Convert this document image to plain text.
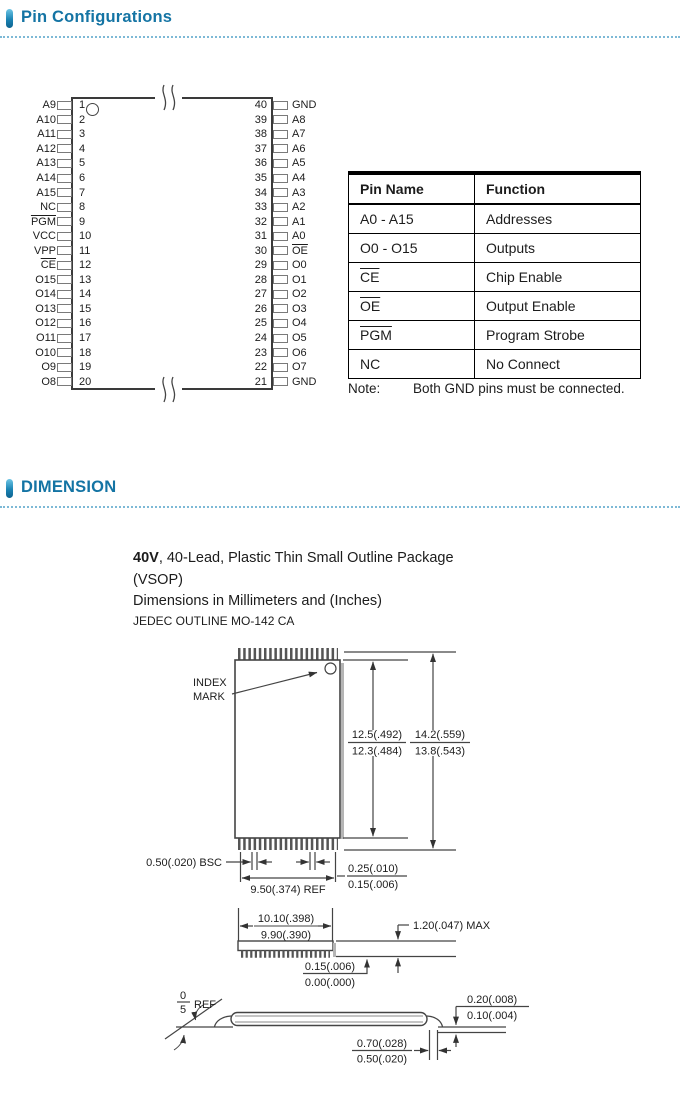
Pin Configurations
A9 1
A10 2
A11 3
A12 4
A13 5
A14 6
A15 7
NC 8
$\overline{PGM}$ 9
VCC 10
VPP 11
$\overline{CE}$ 12
O15 13
O14 14
O13 15
O12 16
O11 17
O10 18
O9 19
O8 20
40 GND
39 A8
38 A7
37 A6
36 A5
35 A4
34 A3
33 A2
32 A1
31 A0
30 $\overline{OE}$
29 O0
28 O1
27 O2
26 O3
25 O4
24 O5
23 O6
22 O7
21 GND
Pin Name	Function
A0 - A15	Addresses
O0 - O15	Outputs
$\overline{CE}$	Chip Enable
$\overline{OE}$	Output Enable
$\overline{PGM}$	Program Strobe
NC	No Connect
Note: Both GND pins must be connected.
DIMENSION
40V, 40-Lead, Plastic Thin Small Outline Package
(VSOP)
Dimensions in Millimeters and (Inches)
JEDEC OUTLINE MO-142 CA
INDEX
MARK
12.5(.492)
12.3(.484)
14.2(.559)
13.8(.543)
0.50(.020) BSC
9.50(.374) REF
0.25(.010)
0.15(.006)
10.10(.398)
9.90(.390)
1.20(.047) MAX
0.15(.006)
0.00(.000)
0
5 REF	0.20(.008)
0.10(.004)
0.70(.028)
0.50(.020)
